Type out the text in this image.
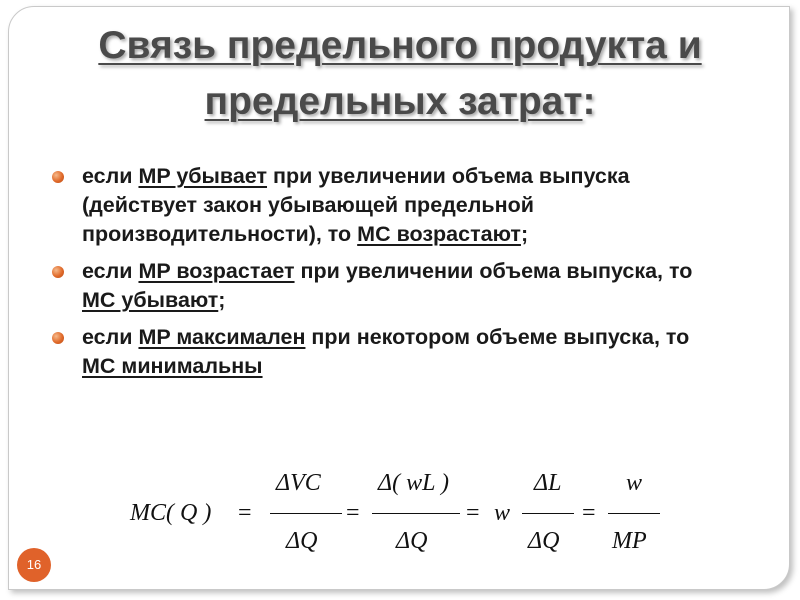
Связь предельного продукта и
предельных затрат:
если MP убывает при увеличении объема выпуска (действует закон убывающей предельной производительности), то MC возрастают;
если MP возрастает при увеличении объема выпуска, то MC убывают;
если MP максимален при некотором объеме выпуска, то MC минимальны
MC( Q ) =
ΔVC
ΔQ
=
Δ( wL )
ΔQ
= w
ΔL
ΔQ
=
w
MP
16
